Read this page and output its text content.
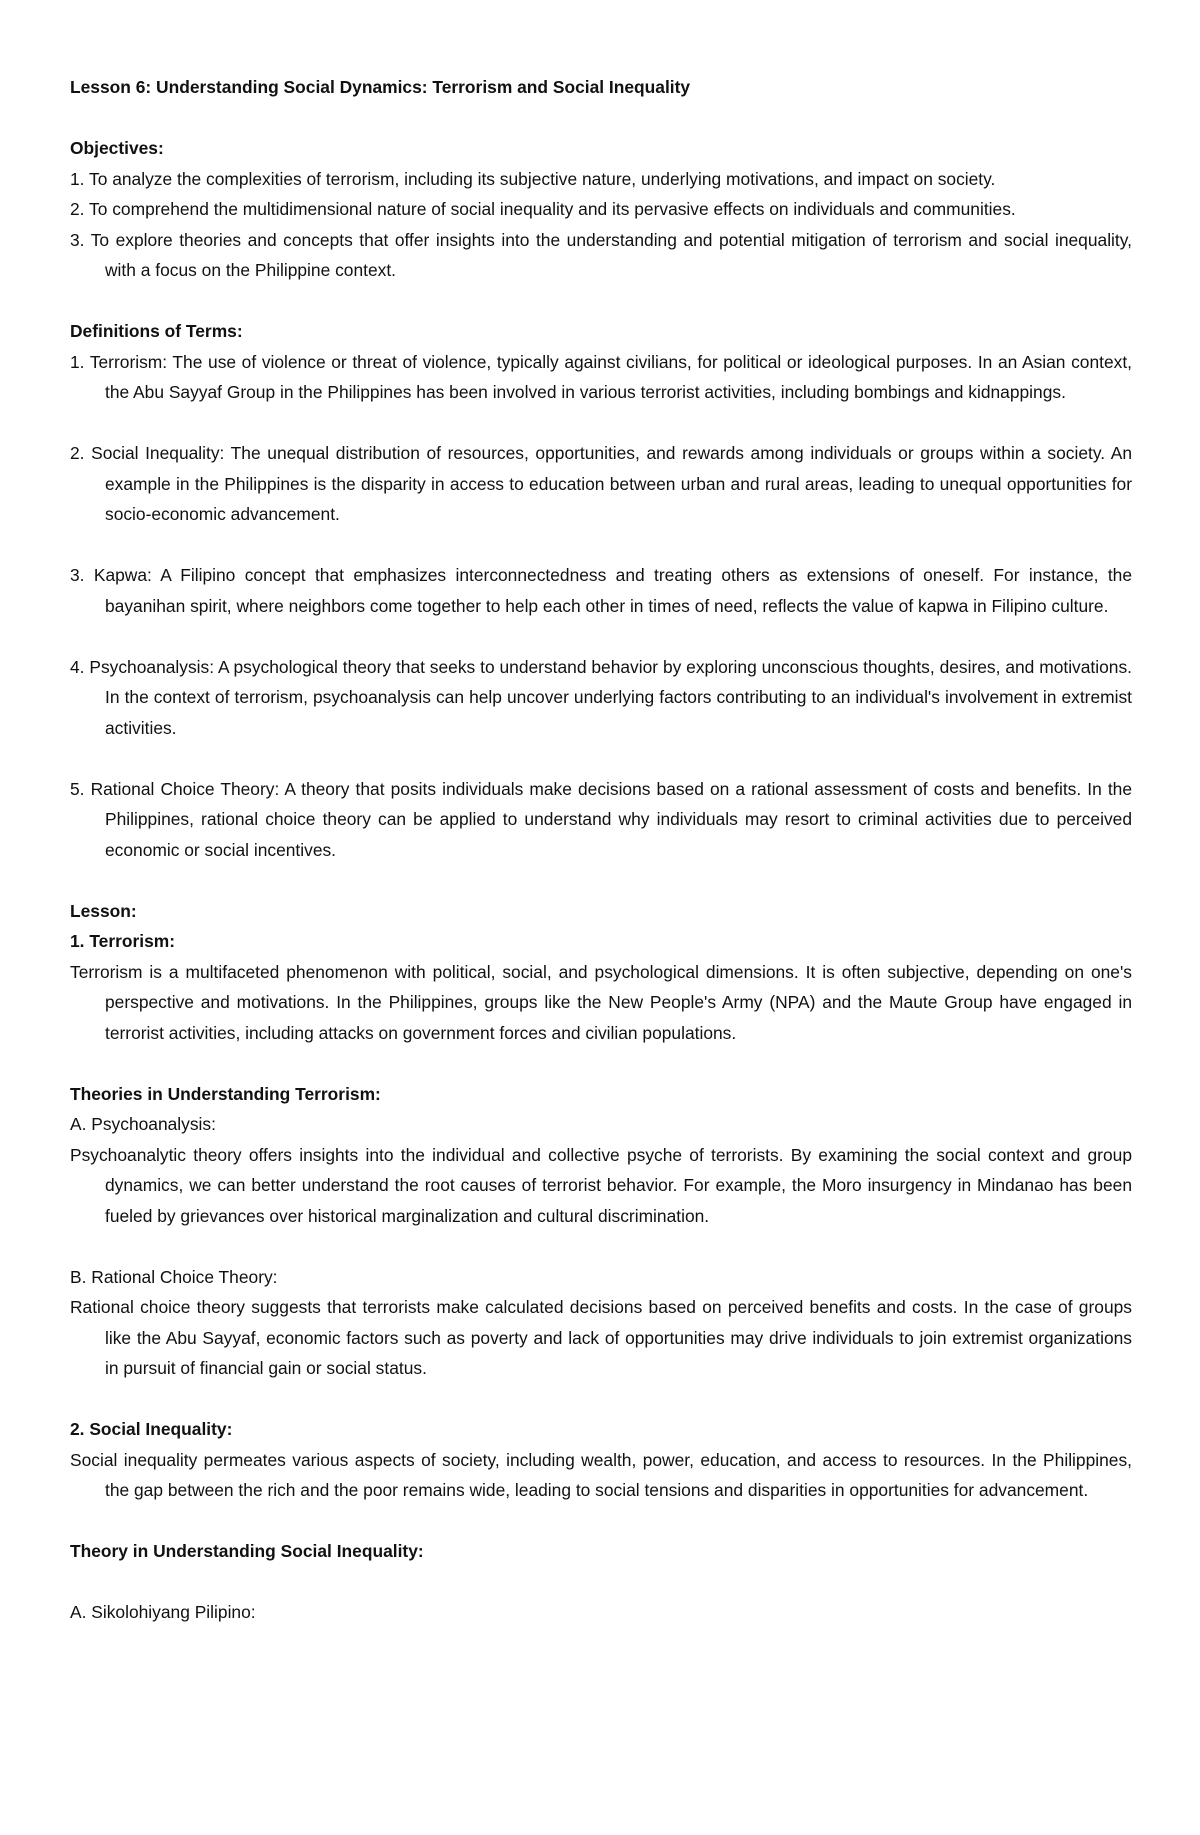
Lesson 6: Understanding Social Dynamics: Terrorism and Social Inequality

Objectives:

1. To analyze the complexities of terrorism, including its subjective nature, underlying motivations, and impact on society.

2. To comprehend the multidimensional nature of social inequality and its pervasive effects on individuals and communities.

3. To explore theories and concepts that offer insights into the understanding and potential mitigation of terrorism and social inequality, with a focus on the Philippine context.

Definitions of Terms:

1. Terrorism: The use of violence or threat of violence, typically against civilians, for political or ideological purposes. In an Asian context, the Abu Sayyaf Group in the Philippines has been involved in various terrorist activities, including bombings and kidnappings.

2. Social Inequality: The unequal distribution of resources, opportunities, and rewards among individuals or groups within a society. An example in the Philippines is the disparity in access to education between urban and rural areas, leading to unequal opportunities for socio-economic advancement.

3. Kapwa: A Filipino concept that emphasizes interconnectedness and treating others as extensions of oneself. For instance, the bayanihan spirit, where neighbors come together to help each other in times of need, reflects the value of kapwa in Filipino culture.

4. Psychoanalysis: A psychological theory that seeks to understand behavior by exploring unconscious thoughts, desires, and motivations. In the context of terrorism, psychoanalysis can help uncover underlying factors contributing to an individual's involvement in extremist activities.

5. Rational Choice Theory: A theory that posits individuals make decisions based on a rational assessment of costs and benefits. In the Philippines, rational choice theory can be applied to understand why individuals may resort to criminal activities due to perceived economic or social incentives.

Lesson:

1. Terrorism:

Terrorism is a multifaceted phenomenon with political, social, and psychological dimensions. It is often subjective, depending on one's perspective and motivations. In the Philippines, groups like the New People's Army (NPA) and the Maute Group have engaged in terrorist activities, including attacks on government forces and civilian populations.

Theories in Understanding Terrorism:

A. Psychoanalysis:

Psychoanalytic theory offers insights into the individual and collective psyche of terrorists. By examining the social context and group dynamics, we can better understand the root causes of terrorist behavior. For example, the Moro insurgency in Mindanao has been fueled by grievances over historical marginalization and cultural discrimination.

B. Rational Choice Theory:

Rational choice theory suggests that terrorists make calculated decisions based on perceived benefits and costs. In the case of groups like the Abu Sayyaf, economic factors such as poverty and lack of opportunities may drive individuals to join extremist organizations in pursuit of financial gain or social status.

2. Social Inequality:

Social inequality permeates various aspects of society, including wealth, power, education, and access to resources. In the Philippines, the gap between the rich and the poor remains wide, leading to social tensions and disparities in opportunities for advancement.

Theory in Understanding Social Inequality:

A. Sikolohiyang Pilipino:
